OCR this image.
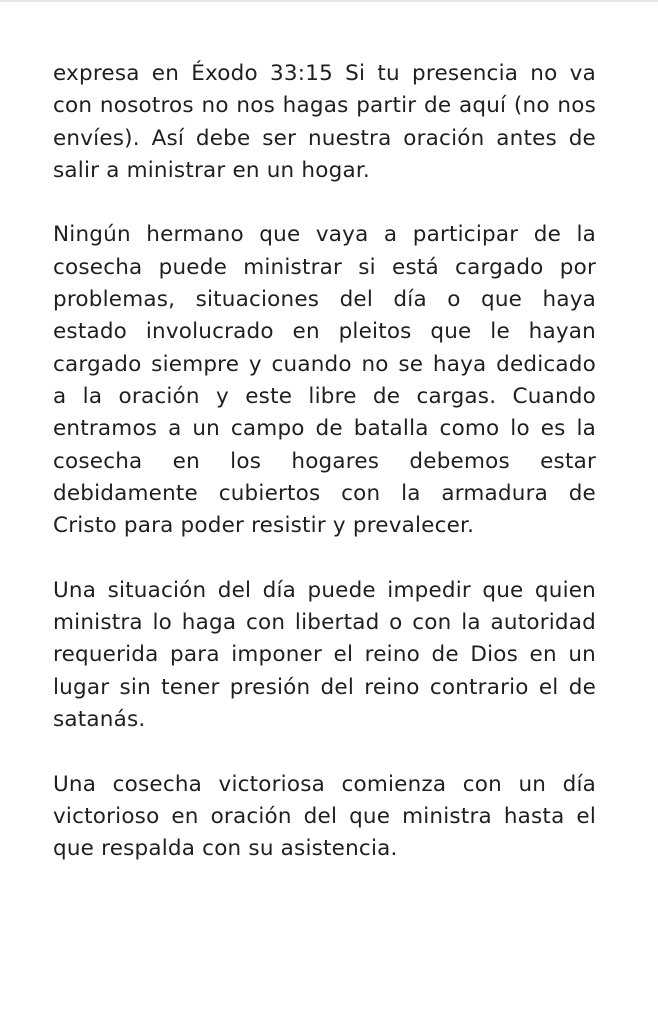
expresa en Éxodo 33:15 Si tu presencia no va con nosotros no nos hagas partir de aquí (no nos envíes). Así debe ser nuestra oración antes de salir a ministrar en un hogar.

Ningún hermano que vaya a participar de la cosecha puede ministrar si está cargado por problemas, situaciones del día o que haya estado involucrado en pleitos que le hayan cargado siempre y cuando no se haya dedicado a la oración y este libre de cargas. Cuando entramos a un campo de batalla como lo es la cosecha en los hogares debemos estar debidamente cubiertos con la armadura de Cristo para poder resistir y prevalecer.

Una situación del día puede impedir que quien ministra lo haga con libertad o con la autoridad requerida para imponer el reino de Dios en un lugar sin tener presión del reino contrario el de satanás.

Una cosecha victoriosa comienza con un día victorioso en oración del que ministra hasta el que respalda con su asistencia.
